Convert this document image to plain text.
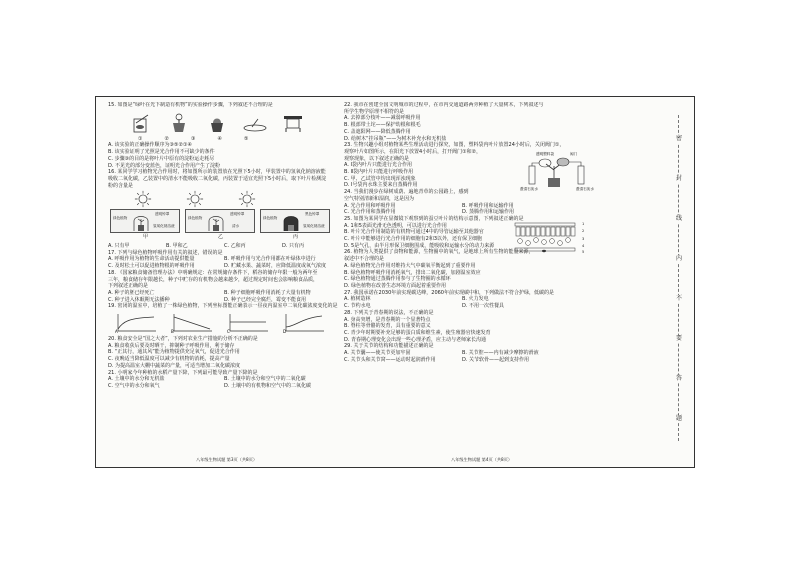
15. 如图是“绿叶在光下制造有机物”的实验操作步骤，下列叙述不合理的是

①	②	③	④	⑤

A. 该实验的正确操作顺序为③⑤②①④

B. 该实验证明了光照是光合作用不可缺少的条件

C. 步骤③的目的是将叶片中原有的淀粉运走耗尽

D. 不见光的部分变蓝色，证明光合作用产生了淀粉

16. 某同学学习植物光合作用时，将如图所示的装置放在光照下5小时，甲装置中的氢氧化钠溶液能

吸收二氧化碳，乙装置中的清水不能吸收二氧化碳，丙装置于适宜光照下5小时后，取下叶片检测淀

粉的含量是

绿色植物
透明钟罩
氢氧化钠溶液
绿色植物
透明钟罩
清水
绿色植物
黑色钟罩
氢氧化钠溶液
甲	乙	丙
A. 只有甲	B. 甲和乙	C. 乙和丙	D. 只有丙

17. 下列与绿色植物呼吸作用有关的叙述，错误的是

A. 呼吸作用为植物的生命活动提供能量	B. 呼吸作用与光合作用都在叶绿体中进行
C. 及时松土可以促进植物根的呼吸作用	D. 贮藏水果、蔬菜时，应降低温度或氧气浓度

18. 《国家粮食储备管理办法》中明确规定：在常规储存条件下，稻谷的储存年限一般为两年至

三年，粮食储存年限越长，种子中贮存的有机物会越来越少，超过规定时间也会影响粮食品质，

下列叙述正确的是

A. 种子的胚已经死亡	B. 种子细胞呼吸作用消耗了大量有机物
C. 种子进入休眠期无法播种	D. 种子已经完全腐烂，霉变不能食用

19. 密闭的温室中，培植了一株绿色植物，下列坐标图能正确表示一昼夜内温室中二氧化碳浓度变化的是

A	B	C	D

20. 粮食安全是“国之大者”，下列对农业生产措施的分析不正确的是

A. 粮食收获后要及时晒干，抑制种子呼吸作用，利于储存

B. “正其行，通其风”能为植物提供充足氧气，促进光合作用

C. 夜晚适当降低温度可以减少有机物的消耗，提高产量

D. 为提高温室大棚中蔬菜的产量，可适当增加二氧化碳浓度

21. 小明家今年种植的水稻产量下降，下列最可能导致产量下降的是

A. 土壤中的水分和无机盐	B. 土壤中的水分和空气中的二氧化碳
C. 空气中的水分和氧气	D. 土壤中的有机物和空气中的二氧化碳
八年级生物试题 第3页（共8页）

22. 我市在创建全国文明城市的过程中，在市内交通道路两旁种植了大量树木，下列叙述与

所学生物学原理不相符的是

A. 去掉部分枝叶——减弱呼吸作用

B. 根部带土坨——保护幼根和根毛

C. 盖遮阳网——降低蒸腾作用

D. 给树木“挂吊瓶”——为树木补充水和无机盐

23. 生物兴趣小组对植物某些生理活动进行探究，如图，塑料袋内叶片放置24小时后，关闭阀门①，

观察叶片如图所示，在阳光下放置4小时后，打开阀门①和②，

观察现象，以下叙述正确的是

A. Ⅰ袋内叶片只能进行光合作用

B. Ⅱ袋内叶片只能进行呼吸作用

C. 甲、乙试管中均出现浑浊现象

D. Ⅰ号袋内水珠主要来自蒸腾作用

24. 当我们漫步在绿树成荫、遍地青草的公园路上，感到

空气特别清新和湿润，这是因为

A. 光合作用和呼吸作用	B. 呼吸作用和运输作用
C. 光合作用和蒸腾作用	D. 蒸腾作用和运输作用

25. 如图为某同学在显微镜下观察到的蚕豆叶片的结构示意图，下列叙述正确的是

A. 1和5表面光滑无色透明，可以进行光合作用

B. 叶片光合作用制造的有机物可通过4中的导管运输至其他器官

C. 叶片中能够进行光合作用的细胞有2和3以外，还有保卫细胞

D. 5是气孔，由半月形保卫细胞围成，能吸收和运输水分的动力来源

26. 植物为人类提供了食物和能源，生物圈中的氧气，是地球上所有生物的能量来源，

叙述中不合理的是

A. 绿色植物光合作用对维持大气中碳氧平衡起到了重要作用

B. 绿色植物呼吸作用消耗氧气，排出二氧化碳，加剧温室效应

C. 绿色植物通过蒸腾作用参与了生物圈的水循环

D. 绿色植物在改善生态环境方面起着重要作用

27. 我国承诺在2030年前实现碳达峰，2060年前实现碳中和，下列做法不符合护绿，低碳的是

A. 植树造林	B. 火力发电
C. 节约水电	D. 不用一次性餐具

28. 下列关于青春期的说法，不正确的是

A. 身高突增，是青春期的一个显著特点

B. 脊柱等骨骼的发育，具有重要的意义

C. 青少年时期要补充足够的蛋白质和维生素，使生殖器官快速发育

D. 青春期心理变化会出现一些心理矛盾，应主动与老师家长沟通

29. 关于关节的结构和功能描述正确的是

A. 关节囊——使关节更加牢固	B. 关节腔——内有减少摩擦的滑液
C. 关节头和关节窝——运动时起润滑作用	D. 关节软骨——起到支持作用
透明塑料袋
澄清石灰水
阀门
澄清石灰水
1
2
3
4
5
八年级生物试题 第4页（共8页）
密
封
线
内
不
要
答
题
